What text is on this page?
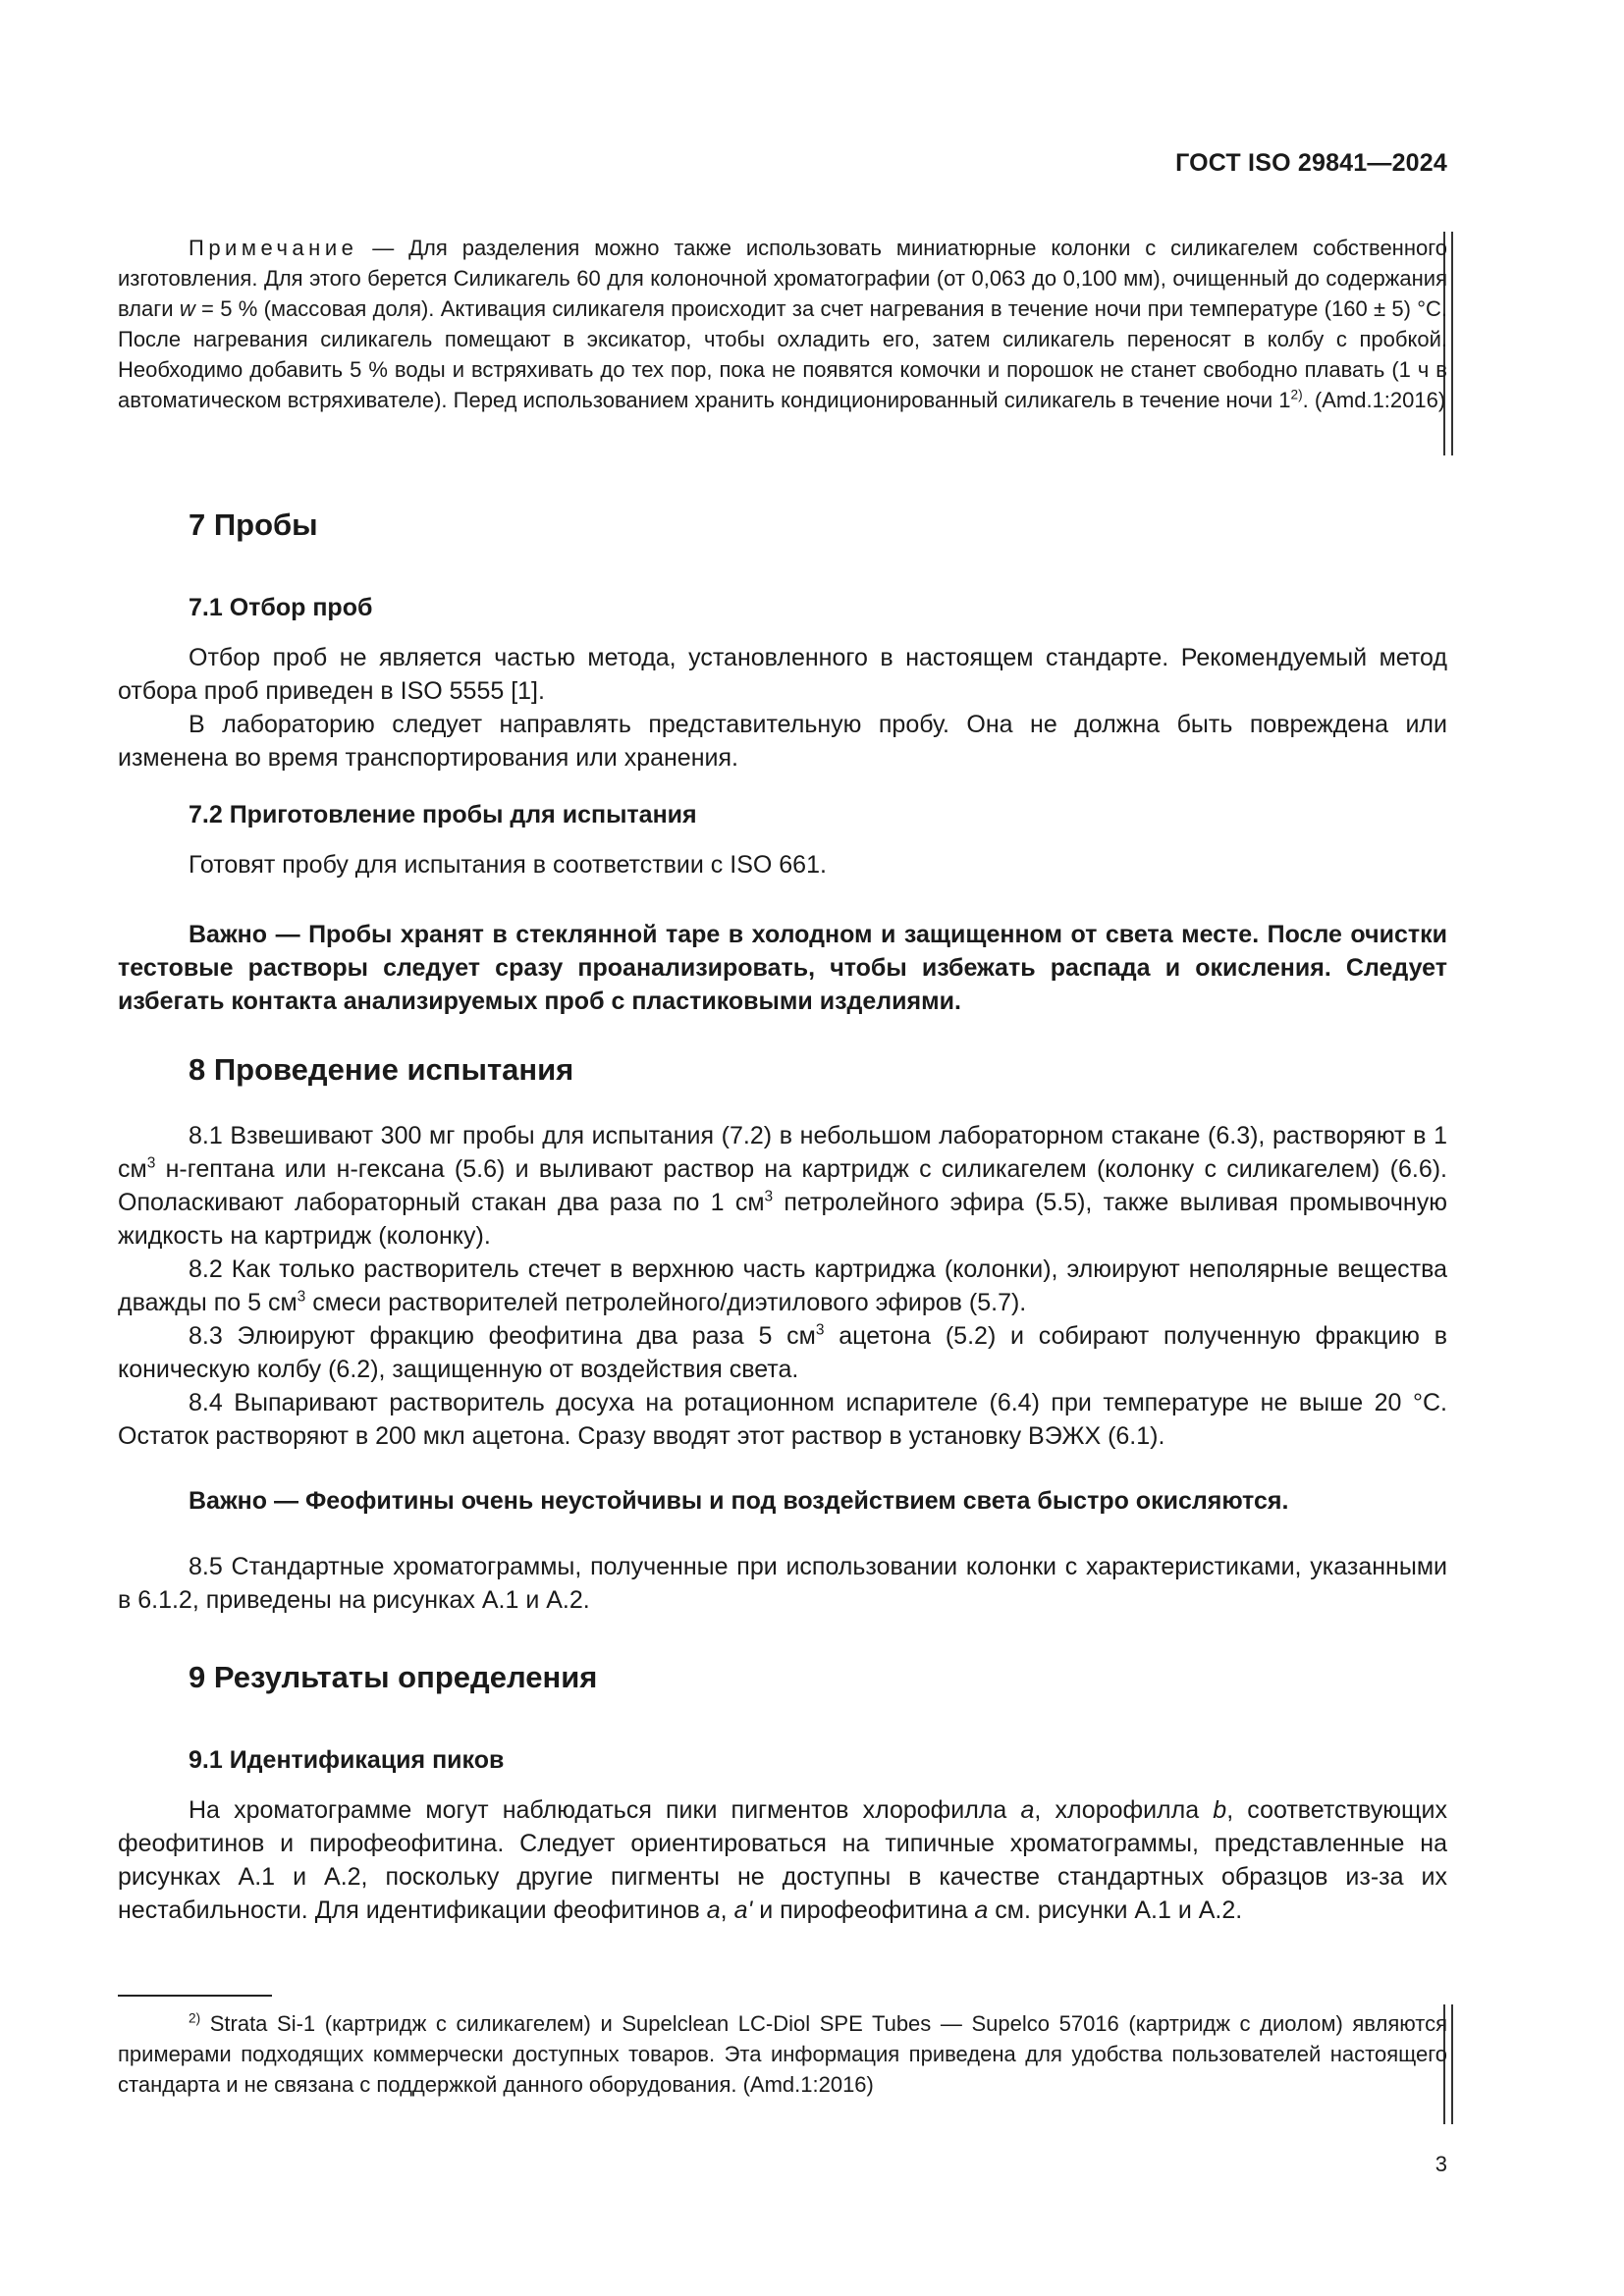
ГОСТ ISO 29841—2024

Примечание — Для разделения можно также использовать миниатюрные колонки с силикагелем собственного изготовления. Для этого берется Силикагель 60 для колоночной хроматографии (от 0,063 до 0,100 мм), очищенный до содержания влаги w = 5 % (массовая доля). Активация силикагеля происходит за счет нагревания в течение ночи при температуре (160 ± 5) °С. После нагревания силикагель помещают в эксикатор, чтобы охладить его, затем силикагель переносят в колбу с пробкой. Необходимо добавить 5 % воды и встряхивать до тех пор, пока не появятся комочки и порошок не станет свободно плавать (1 ч в автоматическом встряхивателе). Перед использованием хранить кондиционированный силикагель в течение ночи 1$^{2)}$. (Amd.1:2016)

7 Пробы

7.1 Отбор проб

Отбор проб не является частью метода, установленного в настоящем стандарте. Рекомендуемый метод отбора проб приведен в ISO 5555 [1].

В лабораторию следует направлять представительную пробу. Она не должна быть повреждена или изменена во время транспортирования или хранения.

7.2 Приготовление пробы для испытания

Готовят пробу для испытания в соответствии с ISO 661.

Важно — Пробы хранят в стеклянной таре в холодном и защищенном от света месте. После очистки тестовые растворы следует сразу проанализировать, чтобы избежать распада и окисления. Следует избегать контакта анализируемых проб с пластиковыми изделиями.

8 Проведение испытания

8.1 Взвешивают 300 мг пробы для испытания (7.2) в небольшом лабораторном стакане (6.3), растворяют в 1 $см^3$ н-гептана или н-гексана (5.6) и выливают раствор на картридж с силикагелем (колонку с силикагелем) (6.6). Ополаскивают лабораторный стакан два раза по 1 $см^3$ петролейного эфира (5.5), также выливая промывочную жидкость на картридж (колонку).

8.2 Как только растворитель стечет в верхнюю часть картриджа (колонки), элюируют неполярные вещества дважды по 5 $см^3$ смеси растворителей петролейного/диэтилового эфиров (5.7).

8.3 Элюируют фракцию феофитина два раза 5 $см^3$ ацетона (5.2) и собирают полученную фракцию в коническую колбу (6.2), защищенную от воздействия света.

8.4 Выпаривают растворитель досуха на ротационном испарителе (6.4) при температуре не выше 20 °С. Остаток растворяют в 200 мкл ацетона. Сразу вводят этот раствор в установку ВЭЖХ (6.1).

Важно — Феофитины очень неустойчивы и под воздействием света быстро окисляются.

8.5 Стандартные хроматограммы, полученные при использовании колонки с характеристиками, указанными в 6.1.2, приведены на рисунках А.1 и А.2.

9 Результаты определения

9.1 Идентификация пиков

На хроматограмме могут наблюдаться пики пигментов хлорофилла a, хлорофилла b, соответствующих феофитинов и пирофеофитина. Следует ориентироваться на типичные хроматограммы, представленные на рисунках А.1 и А.2, поскольку другие пигменты не доступны в качестве стандартных образцов из-за их нестабильности. Для идентификации феофитинов a, a' и пирофеофитина a см. рисунки А.1 и А.2.

$^{2)}$ Strata Si-1 (картридж с силикагелем) и Supelclean LC-Diol SPE Tubes — Supelco 57016 (картридж с диолом) являются примерами подходящих коммерчески доступных товаров. Эта информация приведена для удобства пользователей настоящего стандарта и не связана с поддержкой данного оборудования. (Amd.1:2016)

3
